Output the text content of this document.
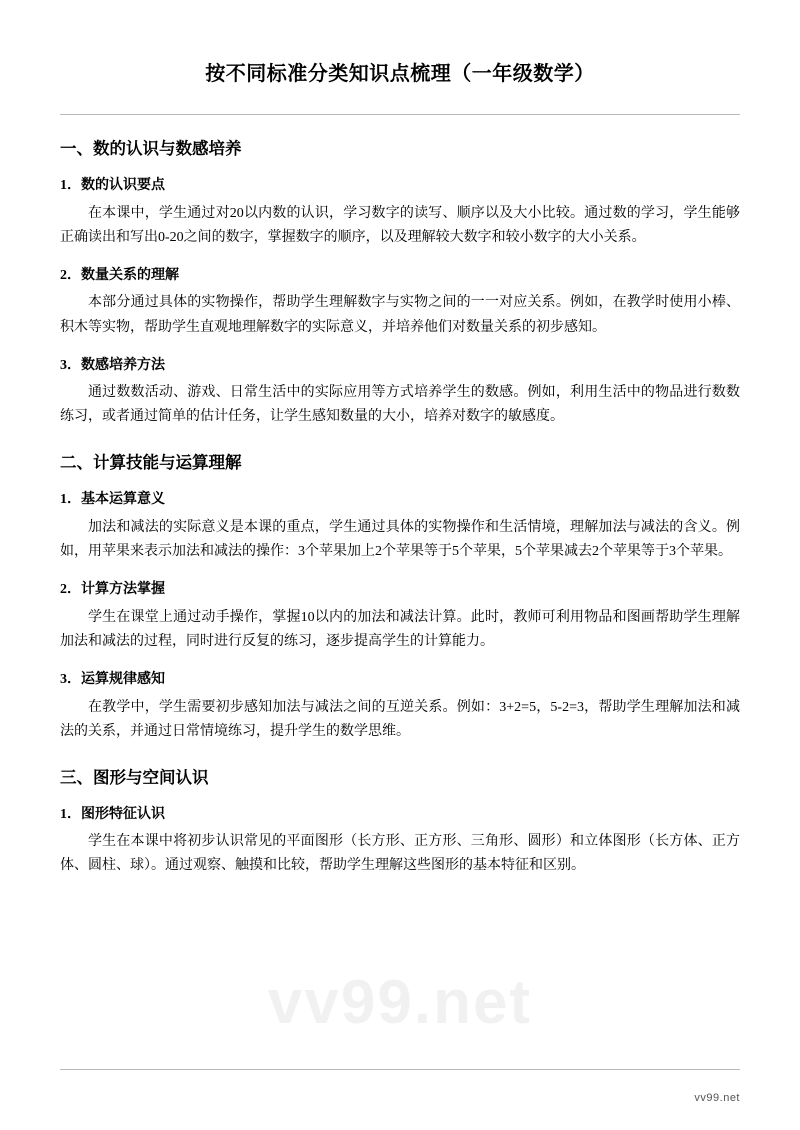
按不同标准分类知识点梳理（一年级数学）
一、数的认识与数感培养
1．数的认识要点

在本课中，学生通过对20以内数的认识，学习数字的读写、顺序以及大小比较。通过数的学习，学生能够正确读出和写出0-20之间的数字，掌握数字的顺序，以及理解较大数字和较小数字的大小关系。

2．数量关系的理解

本部分通过具体的实物操作，帮助学生理解数字与实物之间的一一对应关系。例如，在教学时使用小棒、积木等实物，帮助学生直观地理解数字的实际意义，并培养他们对数量关系的初步感知。

3．数感培养方法

通过数数活动、游戏、日常生活中的实际应用等方式培养学生的数感。例如，利用生活中的物品进行数数练习，或者通过简单的估计任务，让学生感知数量的大小，培养对数字的敏感度。

二、计算技能与运算理解
1．基本运算意义

加法和减法的实际意义是本课的重点，学生通过具体的实物操作和生活情境，理解加法与减法的含义。例如，用苹果来表示加法和减法的操作：3个苹果加上2个苹果等于5个苹果，5个苹果减去2个苹果等于3个苹果。

2．计算方法掌握

学生在课堂上通过动手操作，掌握10以内的加法和减法计算。此时，教师可利用物品和图画帮助学生理解加法和减法的过程，同时进行反复的练习，逐步提高学生的计算能力。

3．运算规律感知

在教学中，学生需要初步感知加法与减法之间的互逆关系。例如：3+2=5，5-2=3，帮助学生理解加法和减法的关系，并通过日常情境练习，提升学生的数学思维。

三、图形与空间认识
1．图形特征认识

学生在本课中将初步认识常见的平面图形（长方形、正方形、三角形、圆形）和立体图形（长方体、正方体、圆柱、球）。通过观察、触摸和比较，帮助学生理解这些图形的基本特征和区别。

vv99.net
vv99.net
